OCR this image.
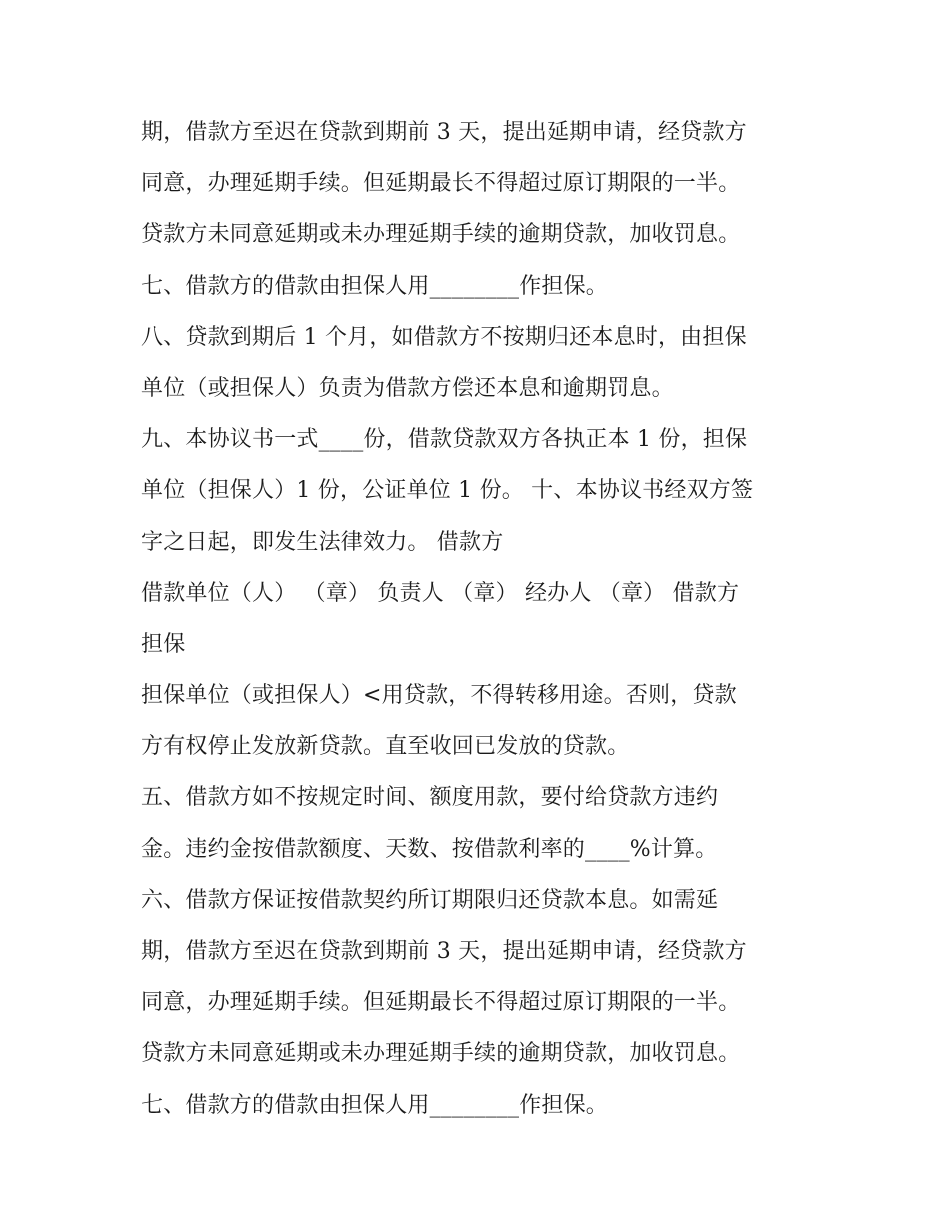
期，借款方至迟在贷款到期前 3 天，提出延期申请，经贷款方
同意，办理延期手续。但延期最长不得超过原订期限的一半。
贷款方未同意延期或未办理延期手续的逾期贷款，加收罚息。
七、借款方的借款由担保人用________作担保。
八、贷款到期后 1 个月，如借款方不按期归还本息时，由担保
单位（或担保人）负责为借款方偿还本息和逾期罚息。
九、本协议书一式____份，借款贷款双方各执正本 1 份，担保
单位（担保人）1 份，公证单位 1 份。 十、本协议书经双方签
字之日起，即发生法律效力。 借款方
借款单位（人） （章） 负责人 （章） 经办人 （章） 借款方
担保
担保单位（或担保人）<用贷款，不得转移用途。否则，贷款
方有权停止发放新贷款。直至收回已发放的贷款。
五、借款方如不按规定时间、额度用款，要付给贷款方违约
金。违约金按借款额度、天数、按借款利率的____%计算。
六、借款方保证按借款契约所订期限归还贷款本息。如需延
期，借款方至迟在贷款到期前 3 天，提出延期申请，经贷款方
同意，办理延期手续。但延期最长不得超过原订期限的一半。
贷款方未同意延期或未办理延期手续的逾期贷款，加收罚息。
七、借款方的借款由担保人用________作担保。
